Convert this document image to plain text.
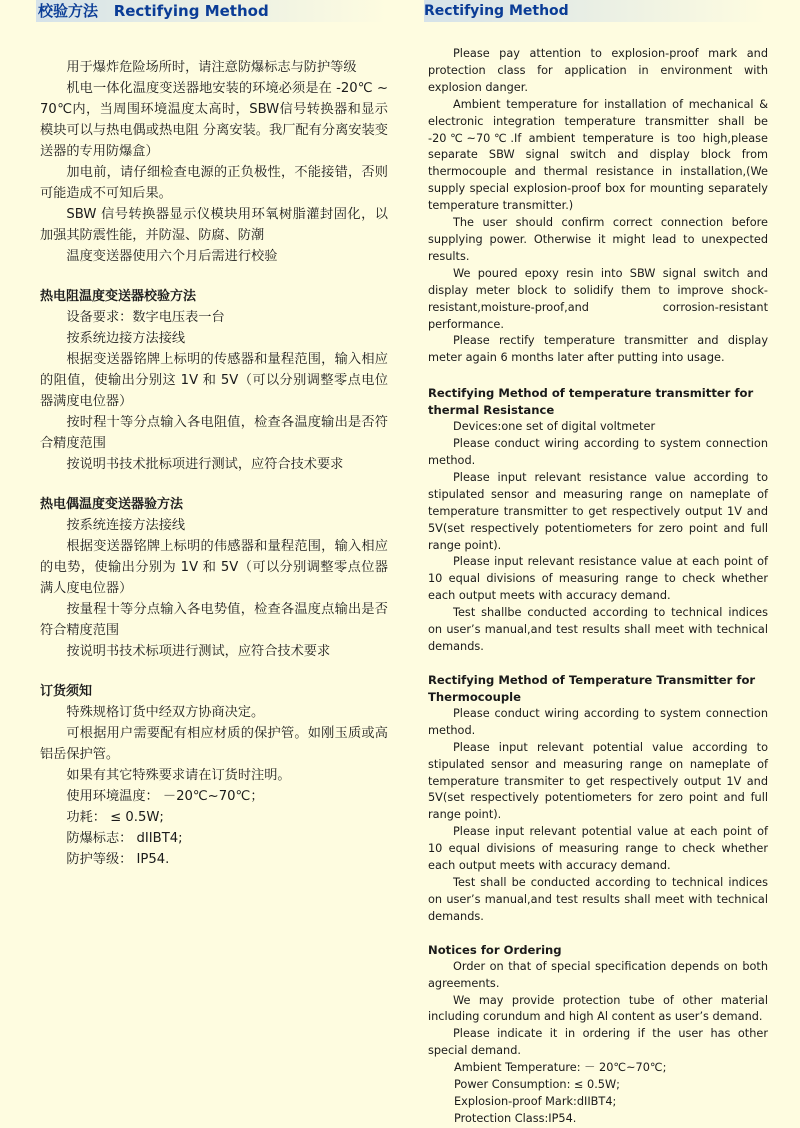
校验方法 Rectifying Method

用于爆炸危险场所时，请注意防爆标志与防护等级

机电一体化温度变送器地安装的环境必须是在 -20℃ ~ 70℃内，当周围环境温度太高时，SBW信号转换器和显示模块可以与热电偶或热电阻 分离安装。我厂配有分离安装变送器的专用防爆盒）

加电前，请仔细检查电源的正负极性，不能接错，否则可能造成不可知后果。

SBW 信号转换器显示仪模块用环氧树脂灌封固化，以加强其防震性能，并防湿、防腐、防潮

温度变送器使用六个月后需进行校验

热电阻温度变送器校验方法

设备要求：数字电压表一台

按系统边接方法接线

根据变送器铭牌上标明的传感器和量程范围，输入相应的阻值，使输出分别这 1V 和 5V（可以分别调整零点电位器满度电位器）

按时程十等分点输入各电阻值，检查各温度输出是否符合精度范围

按说明书技术批标项进行测试，应符合技术要求

热电偶温度变送器验方法

按系统连接方法接线

根据变送器铭牌上标明的伟感器和量程范围，输入相应的电势，使输出分别为 1V 和 5V（可以分别调整零点位器满人度电位器）

按量程十等分点输入各电势值，检查各温度点输出是否符合精度范围

按说明书技术标项进行测试，应符合技术要求

订货须知

特殊规格订货中经双方协商决定。

可根据用户需要配有相应材质的保护管。如刚玉质或高铝岳保护管。

如果有其它特殊要求请在订货时注明。

使用环境温度： －20℃~70℃；

功耗： ≤ 0.5W;

防爆标志： dIIBT4;

防护等级： IP54.

Rectifying Method

Please pay attention to explosion-proof mark and protection class for application in environment with explosion danger.

Ambient temperature for installation of mechanical & electronic integration temperature transmitter shall be -20℃~70℃.If ambient temperature is too high,please separate SBW signal switch and display block from thermocouple and thermal resistance in installation,(We supply special explosion-proof box for mounting separately temperature transmitter.)

The user should confirm correct connection before supplying power. Otherwise it might lead to unexpected results.

We poured epoxy resin into SBW signal switch and display meter block to solidify them to improve shock-resistant,moisture-proof,and corrosion-resistant performance.

Please rectify temperature transmitter and display meter again 6 months later after putting into usage.

Rectifying Method of temperature transmitter for thermal Resistance

Devices:one set of digital voltmeter

Please conduct wiring according to system connection method.

Please input relevant resistance value according to stipulated sensor and measuring range on nameplate of temperature transmitter to get respectively output 1V and 5V(set respectively potentiometers for zero point and full range point).

Please input relevant resistance value at each point of 10 equal divisions of measuring range to check whether each output meets with accuracy demand.

Test shallbe conducted according to technical indices on user’s manual,and test results shall meet with technical demands.

Rectifying Method of Temperature Transmitter for Thermocouple

Please conduct wiring according to system connection method.

Please input relevant potential value according to stipulated sensor and measuring range on nameplate of temperature transmiter to get respectively output 1V and 5V(set respectively potentiometers for zero point and full range point).

Please input relevant potential value at each point of 10 equal divisions of measuring range to check whether each output meets with accuracy demand.

Test shall be conducted according to technical indices on user’s manual,and test results shall meet with technical demands.

Notices for Ordering

Order on that of special specification depends on both agreements.

We may provide protection tube of other material including corundum and high Al content as user’s demand.

Please indicate it in ordering if the user has other special demand.

Ambient Temperature: － 20℃~70℃;

Power Consumption: ≤ 0.5W;

Explosion-proof Mark:dIIBT4;

Protection Class:IP54.
